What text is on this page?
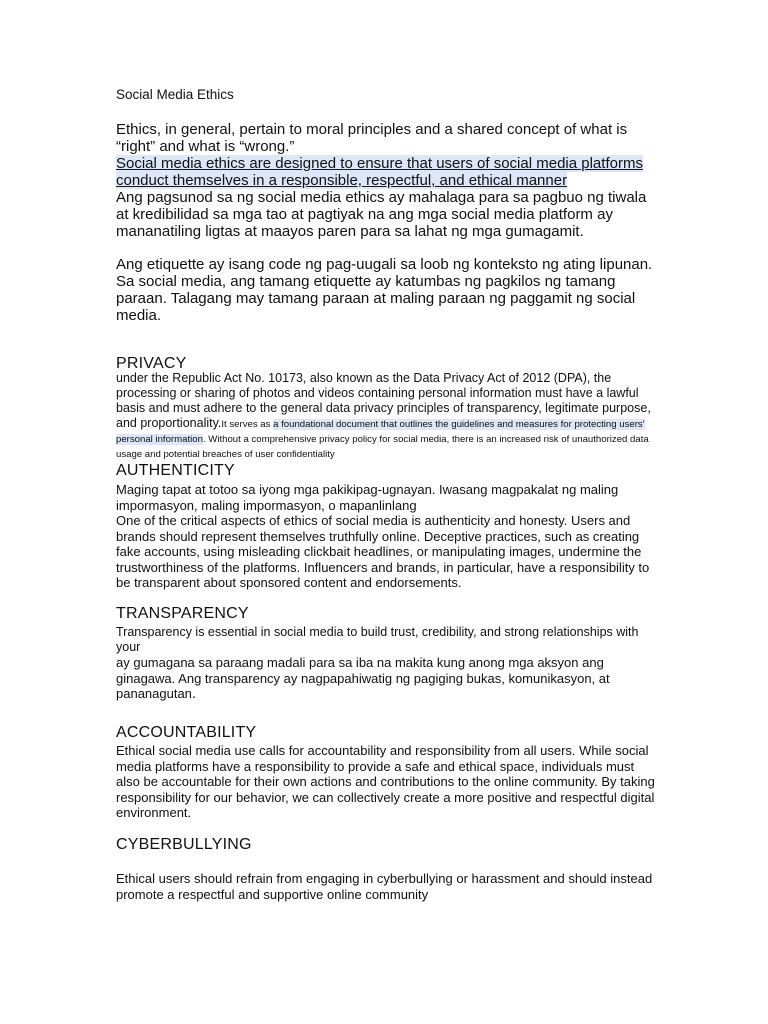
Social Media Ethics

Ethics, in general, pertain to moral principles and a shared concept of what is “right” and what is “wrong.”

Social media ethics are designed to ensure that users of social media platforms conduct themselves in a responsible, respectful, and ethical manner

Ang pagsunod sa ng social media ethics ay mahalaga para sa pagbuo ng tiwala at kredibilidad sa mga tao at pagtiyak na ang mga social media platform ay mananatiling ligtas at maayos paren para sa lahat ng mga gumagamit.

Ang etiquette ay isang code ng pag-uugali sa loob ng konteksto ng ating lipunan. Sa social media, ang tamang etiquette ay katumbas ng pagkilos ng tamang paraan. Talagang may tamang paraan at maling paraan ng paggamit ng social media.

PRIVACY

under the Republic Act No. 10173, also known as the Data Privacy Act of 2012 (DPA), the processing or sharing of photos and videos containing personal information must have a lawful basis and must adhere to the general data privacy principles of transparency, legitimate purpose, and proportionality.It serves as a foundational document that outlines the guidelines and measures for protecting users' personal information. Without a comprehensive privacy policy for social media, there is an increased risk of unauthorized data usage and potential breaches of user confidentiality

AUTHENTICITY

Maging tapat at totoo sa iyong mga pakikipag-ugnayan. Iwasang magpakalat ng maling impormasyon, maling impormasyon, o mapanlinlang

One of the critical aspects of ethics of social media is authenticity and honesty. Users and brands should represent themselves truthfully online. Deceptive practices, such as creating fake accounts, using misleading clickbait headlines, or manipulating images, undermine the trustworthiness of the platforms. Influencers and brands, in particular, have a responsibility to be transparent about sponsored content and endorsements.

TRANSPARENCY

Transparency is essential in social media to build trust, credibility, and strong relationships with your

ay gumagana sa paraang madali para sa iba na makita kung anong mga aksyon ang ginagawa. Ang transparency ay nagpapahiwatig ng pagiging bukas, komunikasyon, at pananagutan.

ACCOUNTABILITY

Ethical social media use calls for accountability and responsibility from all users. While social media platforms have a responsibility to provide a safe and ethical space, individuals must also be accountable for their own actions and contributions to the online community. By taking responsibility for our behavior, we can collectively create a more positive and respectful digital environment.

CYBERBULLYING

Ethical users should refrain from engaging in cyberbullying or harassment and should instead promote a respectful and supportive online community
